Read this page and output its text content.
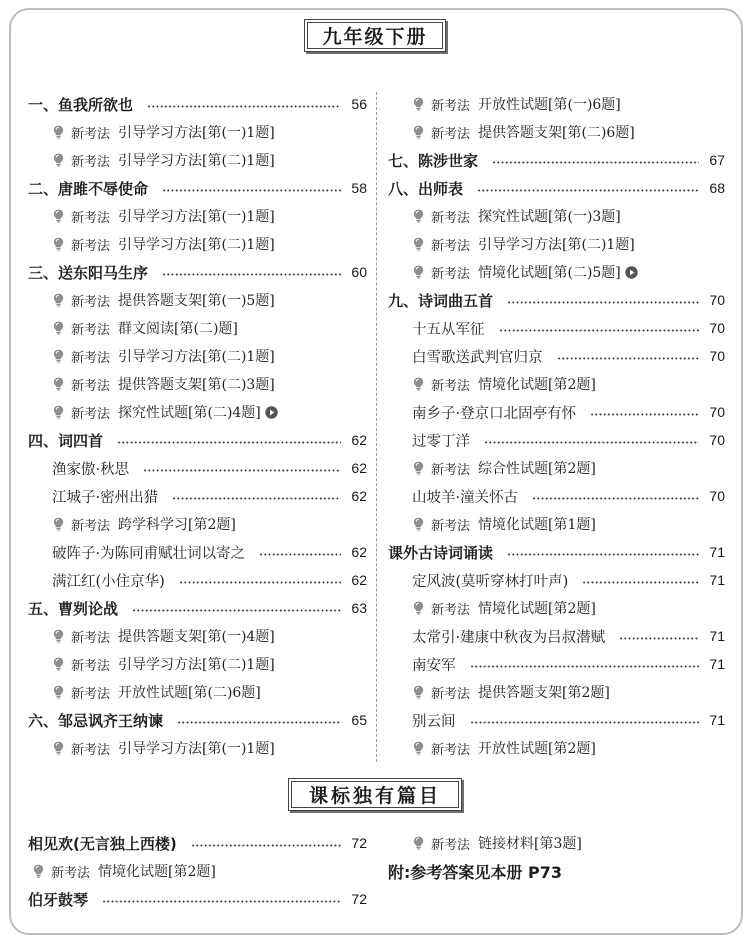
九年级下册
一、鱼我所欲也	56
新考法 引导学习方法 [第(一)1题]
新考法 引导学习方法 [第(二)1题]
二、唐雎不辱使命	58
新考法 引导学习方法 [第(一)1题]
新考法 引导学习方法 [第(二)1题]
三、送东阳马生序	60
新考法 提供答题支架 [第(一)5题]
新考法 群文阅读 [第(二)题]
新考法 引导学习方法 [第(二)1题]
新考法 提供答题支架 [第(二)3题]
新考法 探究性试题 [第(二)4题]
四、词四首	62
渔家傲·秋思	62
江城子·密州出猎	62
新考法 跨学科学习 [第2题]
破阵子·为陈同甫赋壮词以寄之	62
满江红(小住京华)	62
五、曹刿论战	63
新考法 提供答题支架 [第(一)4题]
新考法 引导学习方法 [第(二)1题]
新考法 开放性试题 [第(二)6题]
六、邹忌讽齐王纳谏	65
新考法 引导学习方法 [第(一)1题]
新考法 开放性试题 [第(一)6题]
新考法 提供答题支架 [第(二)6题]
七、陈涉世家	67
八、出师表	68
新考法 探究性试题 [第(一)3题]
新考法 引导学习方法 [第(二)1题]
新考法 情境化试题 [第(二)5题]
九、诗词曲五首	70
十五从军征	70
白雪歌送武判官归京	70
新考法 情境化试题 [第2题]
南乡子·登京口北固亭有怀	70
过零丁洋	70
新考法 综合性试题 [第2题]
山坡羊·潼关怀古	70
新考法 情境化试题 [第1题]
课外古诗词诵读	71
定风波(莫听穿林打叶声)	71
新考法 情境化试题 [第2题]
太常引·建康中秋夜为吕叔潜赋	71
南安军	71
新考法 提供答题支架 [第2题]
别云间	71
新考法 开放性试题 [第2题]
课标独有篇目
相见欢(无言独上西楼)	72
新考法 情境化试题 [第2题]
伯牙鼓琴	72
新考法 链接材料 [第3题]
附:参考答案见本册 P73
